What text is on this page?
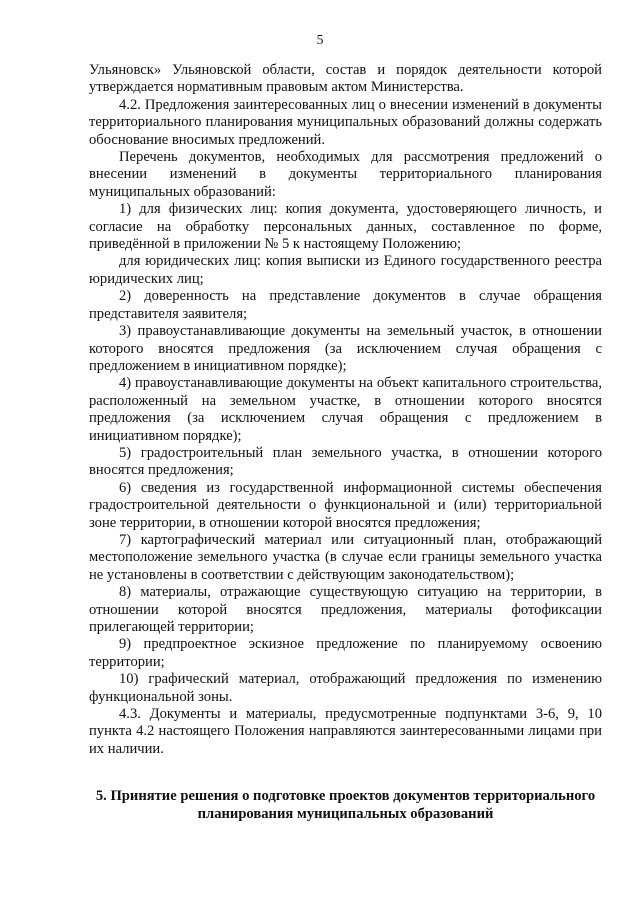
5

Ульяновск» Ульяновской области, состав и порядок деятельности которой утверждается нормативным правовым актом Министерства.

4.2. Предложения заинтересованных лиц о внесении изменений в документы территориального планирования муниципальных образований должны содержать обоснование вносимых предложений.

Перечень документов, необходимых для рассмотрения предложений о внесении изменений в документы территориального планирования муниципальных образований:

1) для физических лиц: копия документа, удостоверяющего личность, и согласие на обработку персональных данных, составленное по форме, приведённой в приложении № 5 к настоящему Положению;

для юридических лиц: копия выписки из Единого государственного реестра юридических лиц;

2) доверенность на представление документов в случае обращения представителя заявителя;

3) правоустанавливающие документы на земельный участок, в отношении которого вносятся предложения (за исключением случая обращения с предложением в инициативном порядке);

4) правоустанавливающие документы на объект капитального строительства, расположенный на земельном участке, в отношении которого вносятся предложения (за исключением случая обращения с предложением в инициативном порядке);

5) градостроительный план земельного участка, в отношении которого вносятся предложения;

6) сведения из государственной информационной системы обеспечения градостроительной деятельности о функциональной и (или) территориальной зоне территории, в отношении которой вносятся предложения;

7) картографический материал или ситуационный план, отображающий местоположение земельного участка (в случае если границы земельного участка не установлены в соответствии с действующим законодательством);

8) материалы, отражающие существующую ситуацию на территории, в отношении которой вносятся предложения, материалы фотофиксации прилегающей территории;

9) предпроектное эскизное предложение по планируемому освоению территории;

10) графический материал, отображающий предложения по изменению функциональной зоны.

4.3. Документы и материалы, предусмотренные подпунктами 3-6, 9, 10 пункта 4.2 настоящего Положения направляются заинтересованными лицами при их наличии.

5. Принятие решения о подготовке проектов документов территориального планирования муниципальных образований
